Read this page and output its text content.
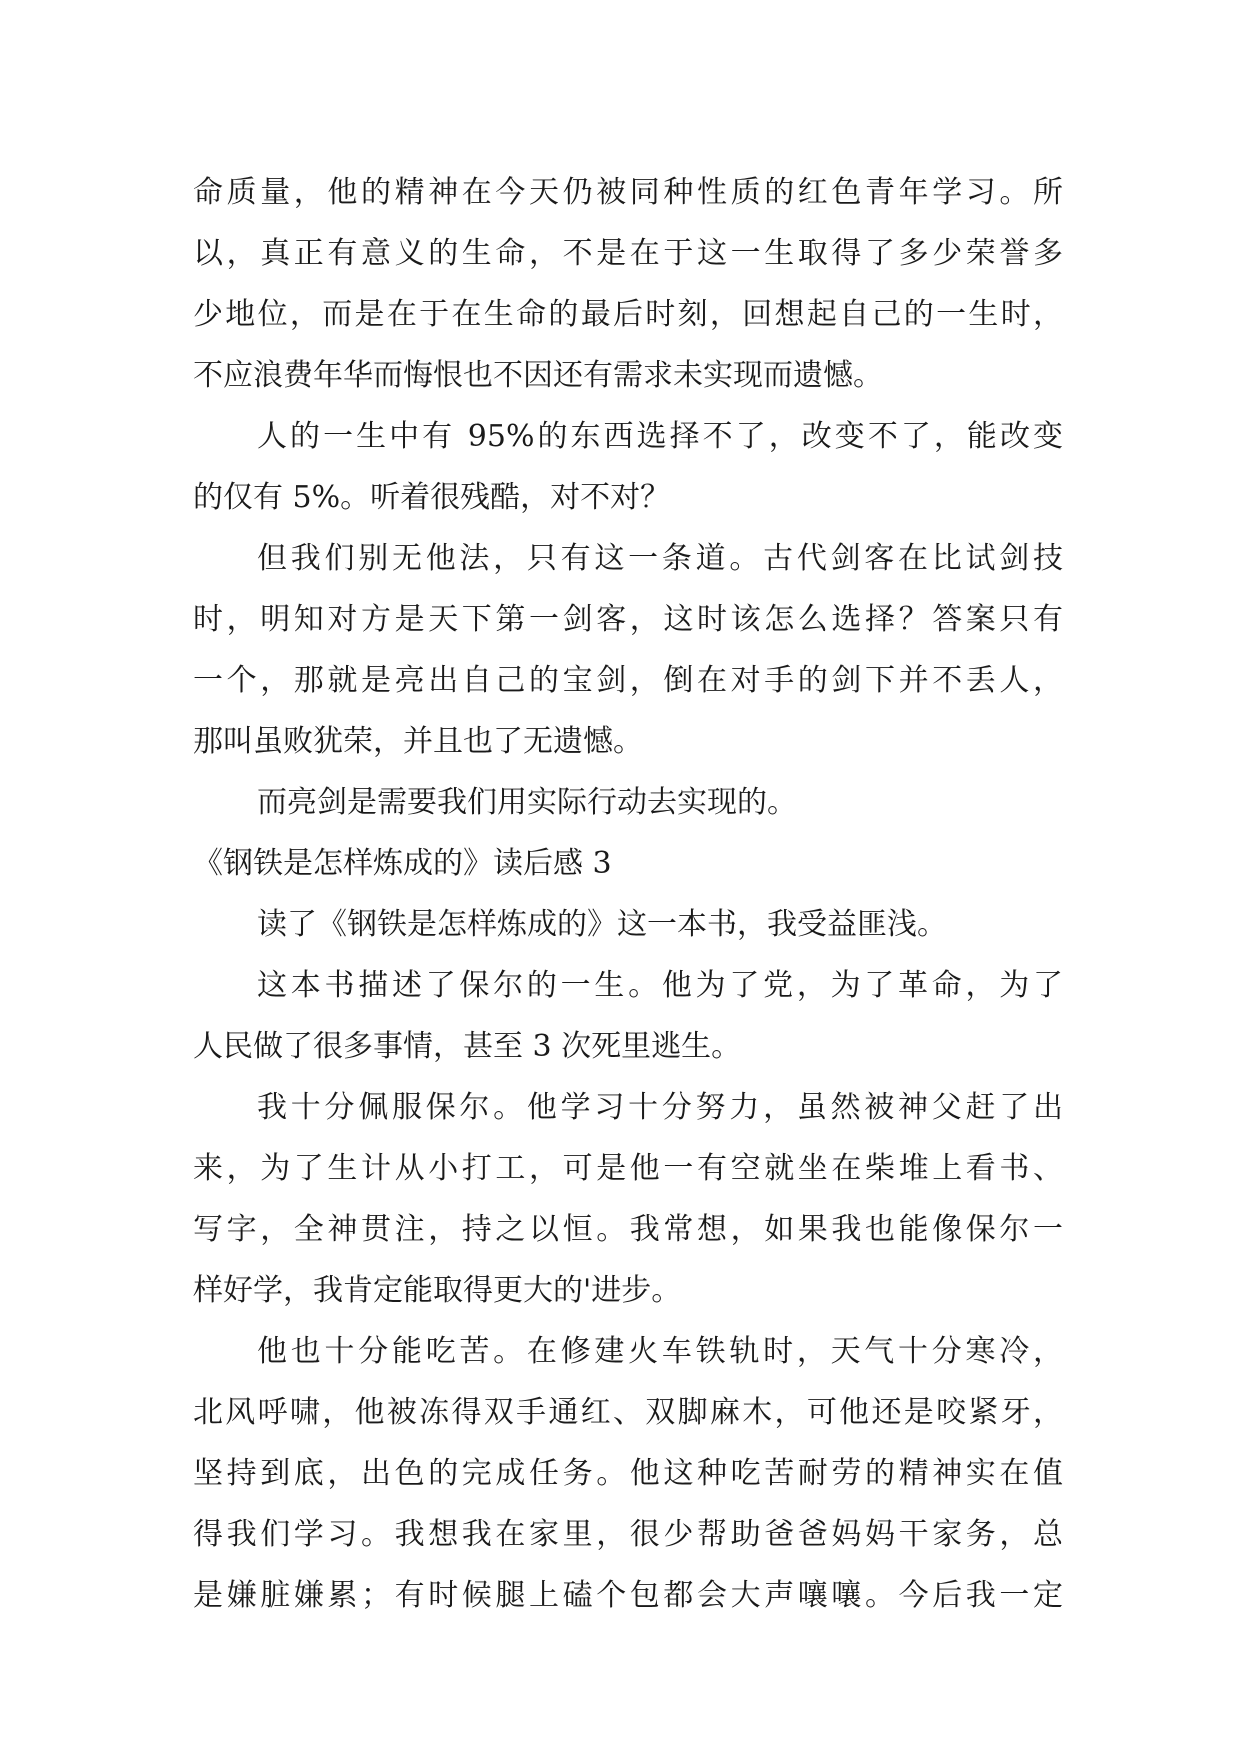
命质量，他的精神在今天仍被同种性质的红色青年学习。所
以，真正有意义的生命，不是在于这一生取得了多少荣誉多
少地位，而是在于在生命的最后时刻，回想起自己的一生时，
不应浪费年华而悔恨也不因还有需求未实现而遗憾。
人的一生中有 95%的东西选择不了，改变不了，能改变
的仅有 5%。听着很残酷，对不对？
但我们别无他法，只有这一条道。古代剑客在比试剑技
时，明知对方是天下第一剑客，这时该怎么选择？答案只有
一个，那就是亮出自己的宝剑，倒在对手的剑下并不丢人，
那叫虽败犹荣，并且也了无遗憾。
而亮剑是需要我们用实际行动去实现的。
《钢铁是怎样炼成的》读后感 3
读了《钢铁是怎样炼成的》这一本书，我受益匪浅。
这本书描述了保尔的一生。他为了党，为了革命，为了
人民做了很多事情，甚至 3 次死里逃生。
我十分佩服保尔。他学习十分努力，虽然被神父赶了出
来，为了生计从小打工，可是他一有空就坐在柴堆上看书、
写字，全神贯注，持之以恒。我常想，如果我也能像保尔一
样好学，我肯定能取得更大的'进步。
他也十分能吃苦。在修建火车铁轨时，天气十分寒冷，
北风呼啸，他被冻得双手通红、双脚麻木，可他还是咬紧牙，
坚持到底，出色的完成任务。他这种吃苦耐劳的精神实在值
得我们学习。我想我在家里，很少帮助爸爸妈妈干家务，总
是嫌脏嫌累；有时候腿上磕个包都会大声嚷嚷。今后我一定
